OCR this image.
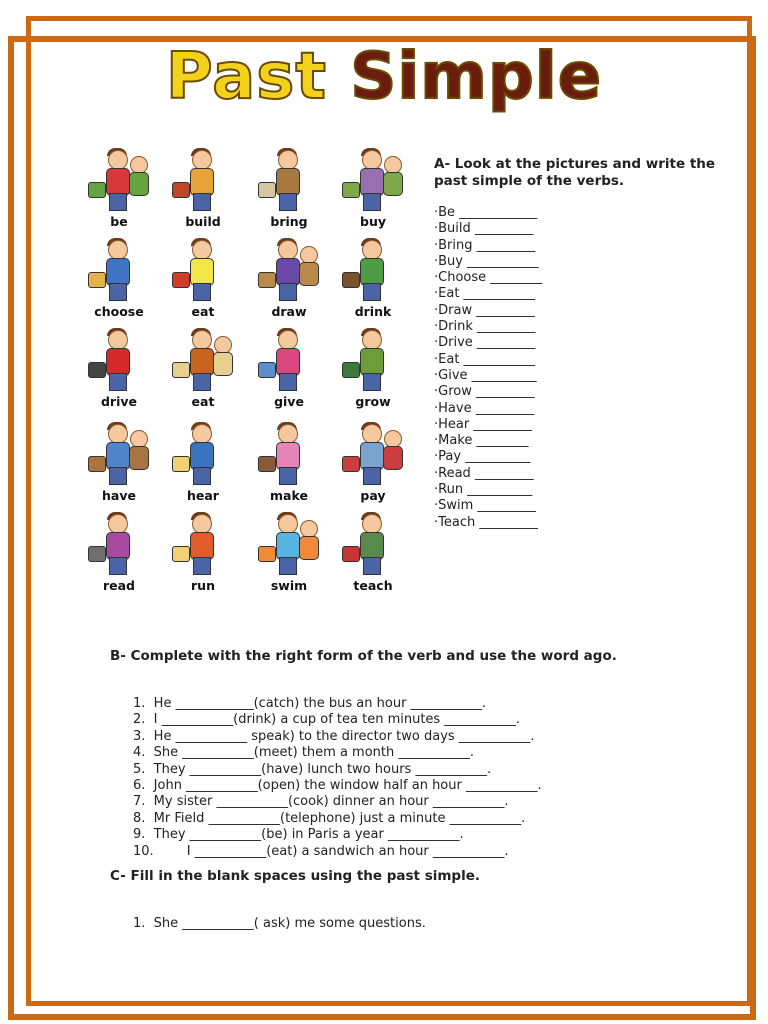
Past Simple
be	build	bring	buy
choose	eat	draw	drink
drive	eat	give	grow
have	hear	make	pay
read	run	swim	teach
A- Look at the pictures and write the past simple of the verbs.
· Be ____________
· Build _________
· Bring _________
· Buy ___________
· Choose ________
· Eat ___________
· Draw _________
· Drink _________
· Drive _________
· Eat ___________
· Give __________
· Grow _________
· Have _________
· Hear _________
· Make ________
· Pay __________
· Read _________
· Run __________
· Swim _________
· Teach _________
B- Complete with the right form of the verb and use the word ago.
1.  He ____________(catch) the bus an hour ___________.
2.  I ___________(drink) a cup of tea ten minutes ___________.
3.  He ___________ speak) to the director two days ___________.
4.  She ___________(meet) them a month ___________.
5.  They ___________(have) lunch two hours ___________.
6.  John ___________(open) the window half an hour ___________.
7.  My sister ___________(cook) dinner an hour ___________.
8.  Mr Field ___________(telephone) just a minute ___________.
9.  They ___________(be) in Paris a year ___________.
10.        I ___________(eat) a sandwich an hour ___________.
C- Fill in the blank spaces using the past simple.
1.  She ___________( ask) me some questions.
